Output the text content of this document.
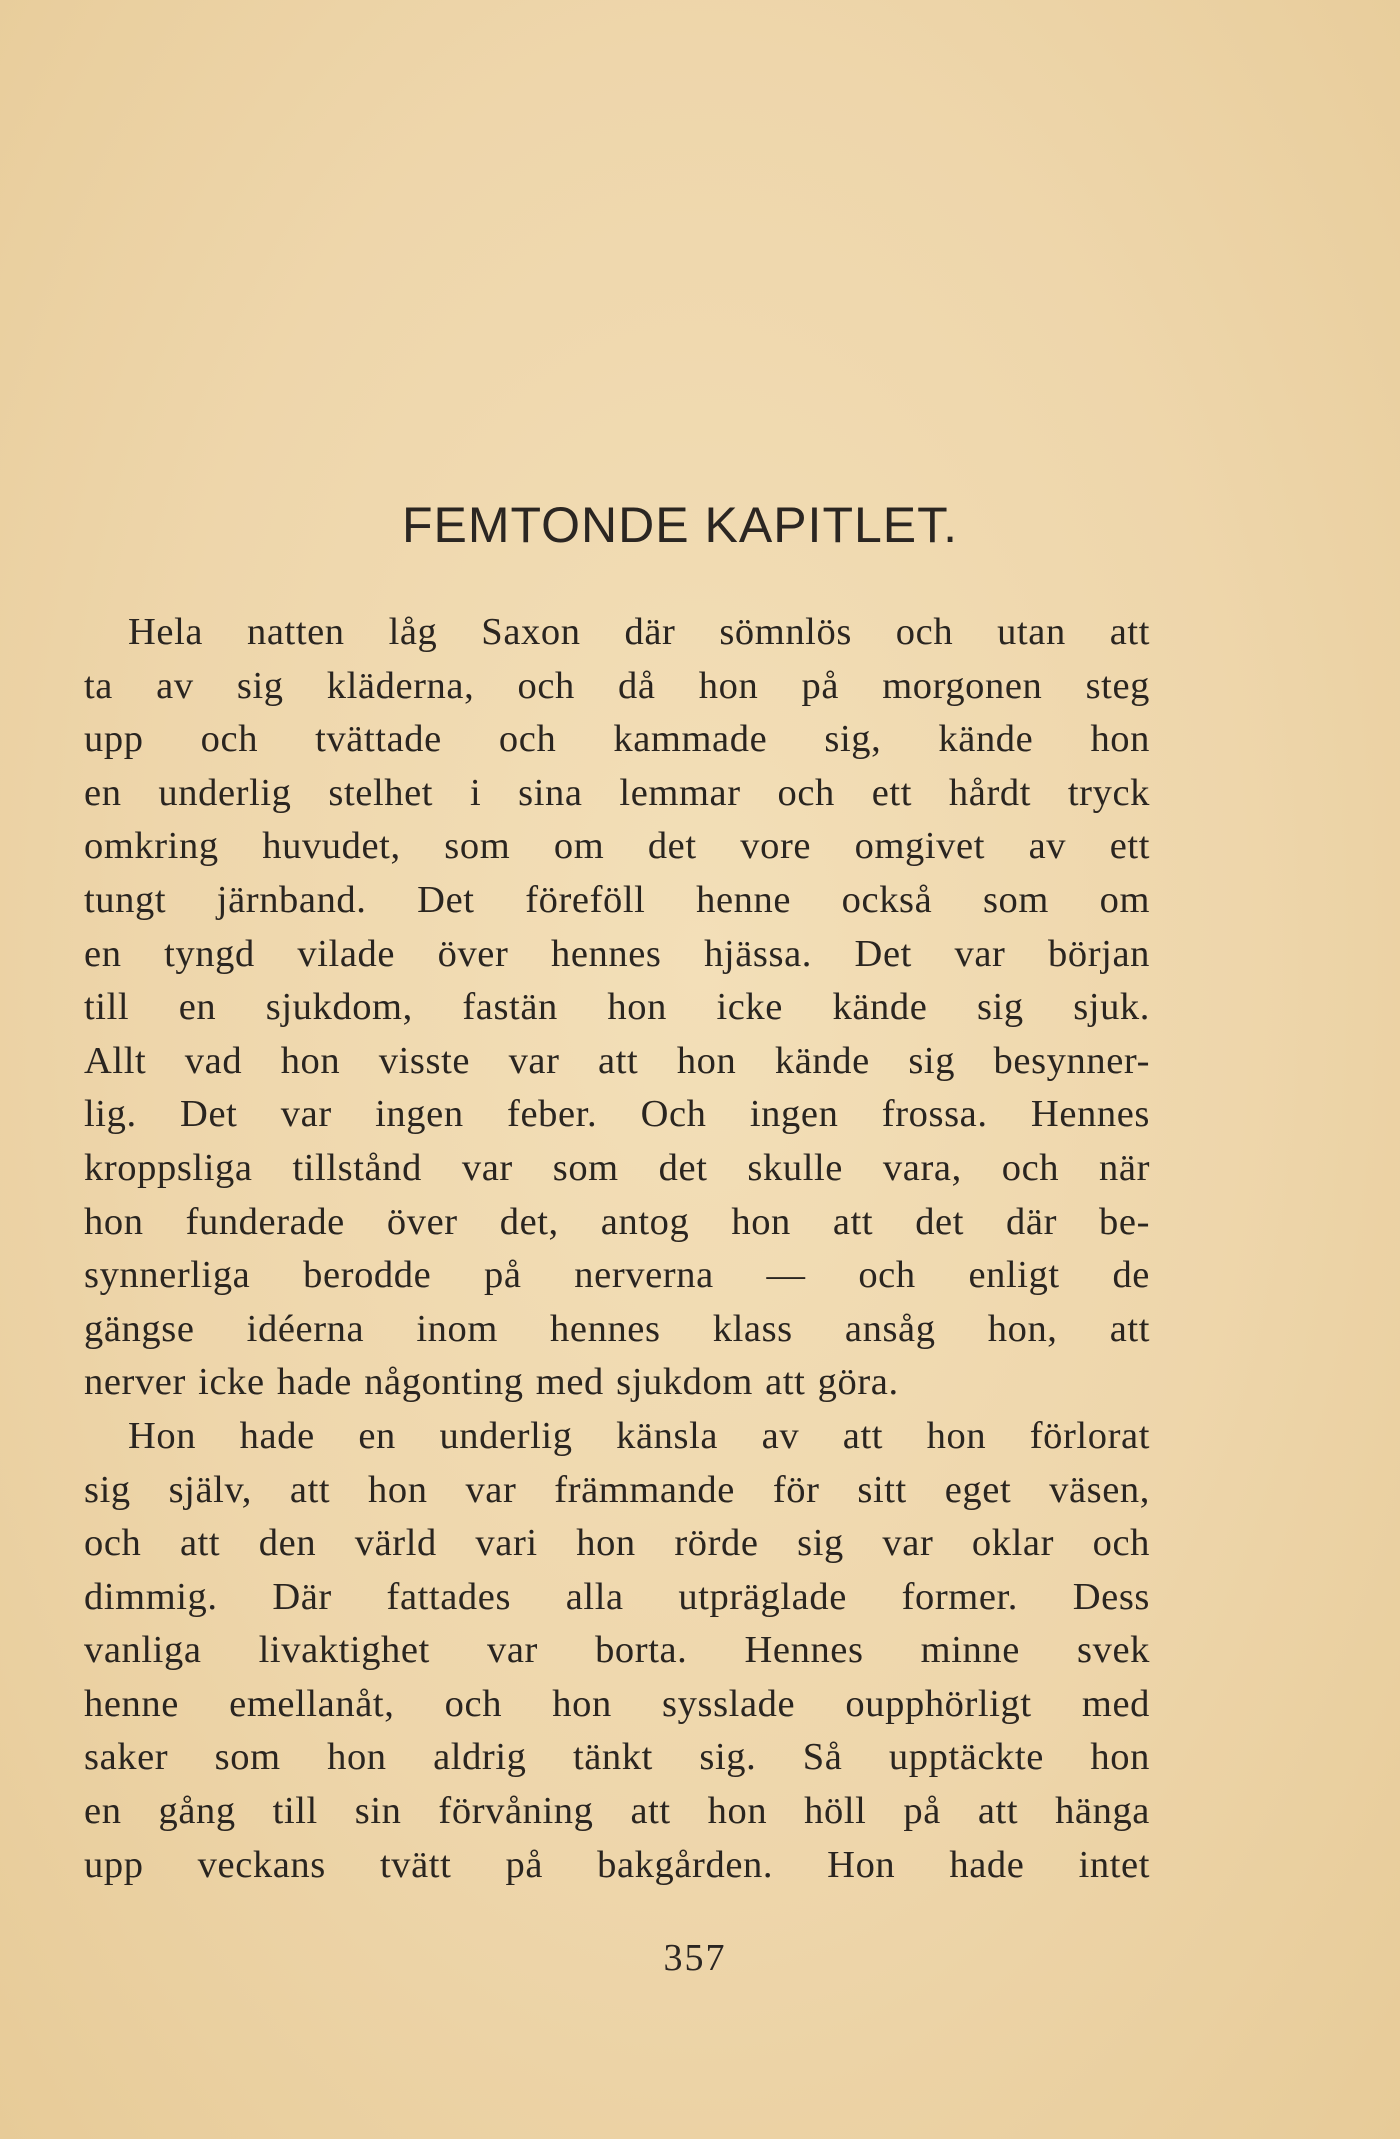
FEMTONDE KAPITLET.
Hela natten låg Saxon där sömnlös och utan att
ta av sig kläderna, och då hon på morgonen steg
upp och tvättade och kammade sig, kände hon
en underlig stelhet i sina lemmar och ett hårdt tryck
omkring huvudet, som om det vore omgivet av ett
tungt järnband. Det föreföll henne också som om
en tyngd vilade över hennes hjässa. Det var början
till en sjukdom, fastän hon icke kände sig sjuk.
Allt vad hon visste var att hon kände sig besynner-
lig. Det var ingen feber. Och ingen frossa. Hennes
kroppsliga tillstånd var som det skulle vara, och när
hon funderade över det, antog hon att det där be-
synnerliga berodde på nerverna — och enligt de
gängse idéerna inom hennes klass ansåg hon, att
nerver icke hade någonting med sjukdom att göra.
Hon hade en underlig känsla av att hon förlorat
sig själv, att hon var främmande för sitt eget väsen,
och att den värld vari hon rörde sig var oklar och
dimmig. Där fattades alla utpräglade former. Dess
vanliga livaktighet var borta. Hennes minne svek
henne emellanåt, och hon sysslade oupphörligt med
saker som hon aldrig tänkt sig. Så upptäckte hon
en gång till sin förvåning att hon höll på att hänga
upp veckans tvätt på bakgården. Hon hade intet
357
